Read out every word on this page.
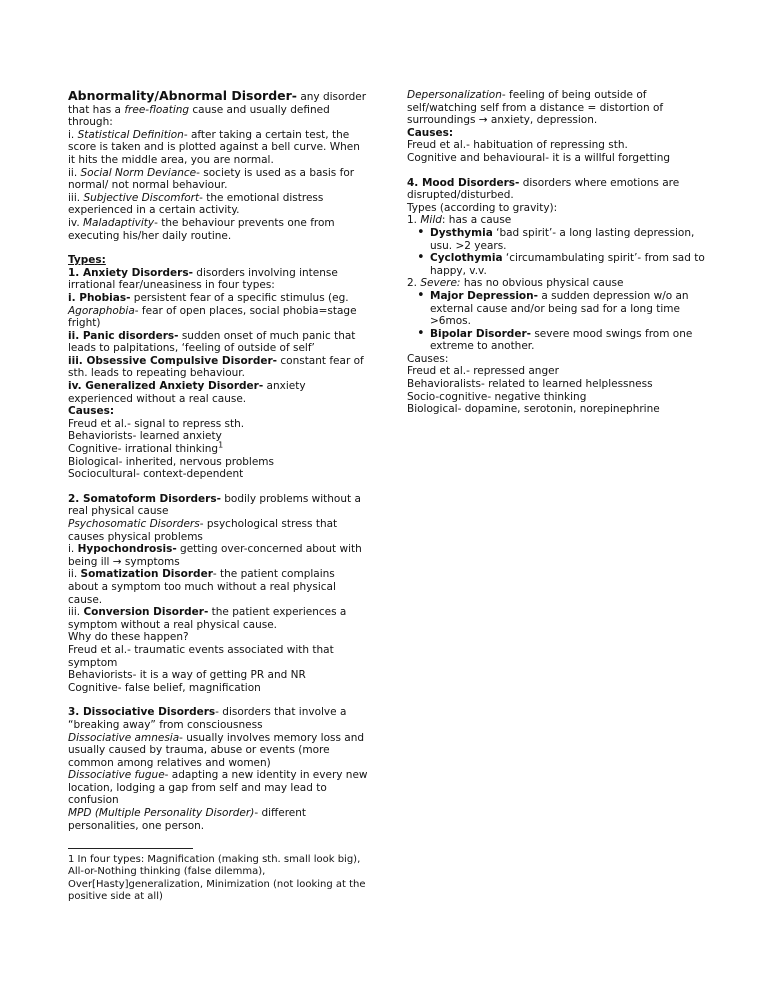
Abnormality/Abnormal Disorder- any disorder that has a free-floating cause and usually defined through:

i. Statistical Definition- after taking a certain test, the score is taken and is plotted against a bell curve. When it hits the middle area, you are normal.

ii. Social Norm Deviance- society is used as a basis for normal/ not normal behaviour.

iii. Subjective Discomfort- the emotional distress experienced in a certain activity.

iv. Maladaptivity- the behaviour prevents one from executing his/her daily routine.

Types:

1. Anxiety Disorders- disorders involving intense irrational fear/uneasiness in four types:

i. Phobias- persistent fear of a specific stimulus (eg. Agoraphobia- fear of open places, social phobia=stage fright)

ii. Panic disorders- sudden onset of much panic that leads to palpitations, ‘feeling of outside of self’

iii. Obsessive Compulsive Disorder- constant fear of sth. leads to repeating behaviour.

iv. Generalized Anxiety Disorder- anxiety experienced without a real cause.

Causes:

Freud et al.- signal to repress sth.

Behaviorists- learned anxiety

Cognitive- irrational thinking$^1$

Biological- inherited, nervous problems

Sociocultural- context-dependent

2. Somatoform Disorders- bodily problems without a real physical cause

Psychosomatic Disorders- psychological stress that causes physical problems

i. Hypochondrosis- getting over-concerned about with being ill → symptoms

ii. Somatization Disorder- the patient complains about a symptom too much without a real physical cause.

iii. Conversion Disorder- the patient experiences a symptom without a real physical cause.

Why do these happen?

Freud et al.- traumatic events associated with that symptom

Behaviorists- it is a way of getting PR and NR

Cognitive- false belief, magnification

3. Dissociative Disorders- disorders that involve a “breaking away” from consciousness

Dissociative amnesia- usually involves memory loss and usually caused by trauma, abuse or events (more common among relatives and women)

Dissociative fugue- adapting a new identity in every new location, lodging a gap from self and may lead to confusion

MPD (Multiple Personality Disorder)- different personalities, one person.

Depersonalization- feeling of being outside of self/watching self from a distance = distortion of surroundings → anxiety, depression.

Causes:

Freud et al.- habituation of repressing sth.

Cognitive and behavioural- it is a willful forgetting

4. Mood Disorders- disorders where emotions are disrupted/disturbed.

Types (according to gravity):

1. Mild: has a cause

• Dysthymia ‘bad spirit’- a long lasting depression, usu. >2 years.

• Cyclothymia ‘circumambulating spirit’- from sad to happy, v.v.

2. Severe: has no obvious physical cause

• Major Depression- a sudden depression w/o an external cause and/or being sad for a long time >6mos.

• Bipolar Disorder- severe mood swings from one extreme to another.

Causes:

Freud et al.- repressed anger

Behavioralists- related to learned helplessness

Socio-cognitive- negative thinking

Biological- dopamine, serotonin, norepinephrine

1 In four types: Magnification (making sth. small look big), All-or-Nothing thinking (false dilemma), Over[Hasty]generalization, Minimization (not looking at the positive side at all)
